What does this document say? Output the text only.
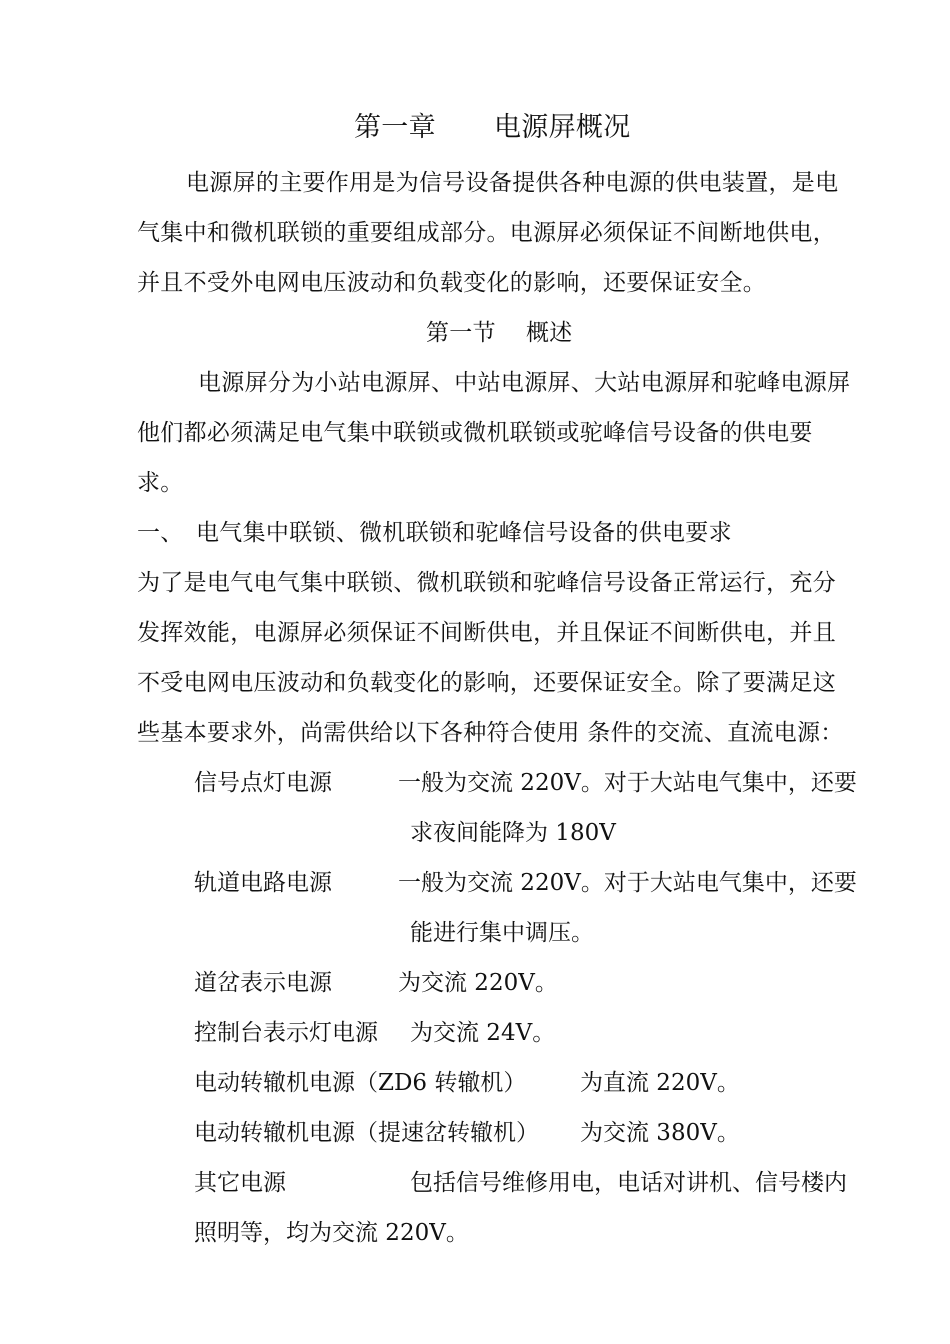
第一章 电源屏概况
电源屏的主要作用是为信号设备提供各种电源的供电装置，是电
气集中和微机联锁的重要组成部分。电源屏必须保证不间断地供电，
并且不受外电网电压波动和负载变化的影响，还要保证安全。
第一节 概述
电源屏分为小站电源屏、中站电源屏、大站电源屏和驼峰电源屏
他们都必须满足电气集中联锁或微机联锁或驼峰信号设备的供电要
求。
一、 电气集中联锁、微机联锁和驼峰信号设备的供电要求
为了是电气电气集中联锁、微机联锁和驼峰信号设备正常运行，充分
发挥效能，电源屏必须保证不间断供电，并且保证不间断供电，并且
不受电网电压波动和负载变化的影响，还要保证安全。除了要满足这
些基本要求外，尚需供给以下各种符合使用 条件的交流、直流电源：
信号点灯电源	一般为交流 220V。对于大站电气集中，还要
求夜间能降为 180V
轨道电路电源	一般为交流 220V。对于大站电气集中，还要
能进行集中调压。
道岔表示电源	为交流 220V。
控制台表示灯电源 为交流 24V。
电动转辙机电源（ZD6 转辙机） 为直流 220V。
电动转辙机电源（提速岔转辙机） 为交流 380V。
其它电源	包括信号维修用电，电话对讲机、信号楼内
照明等，均为交流 220V。
